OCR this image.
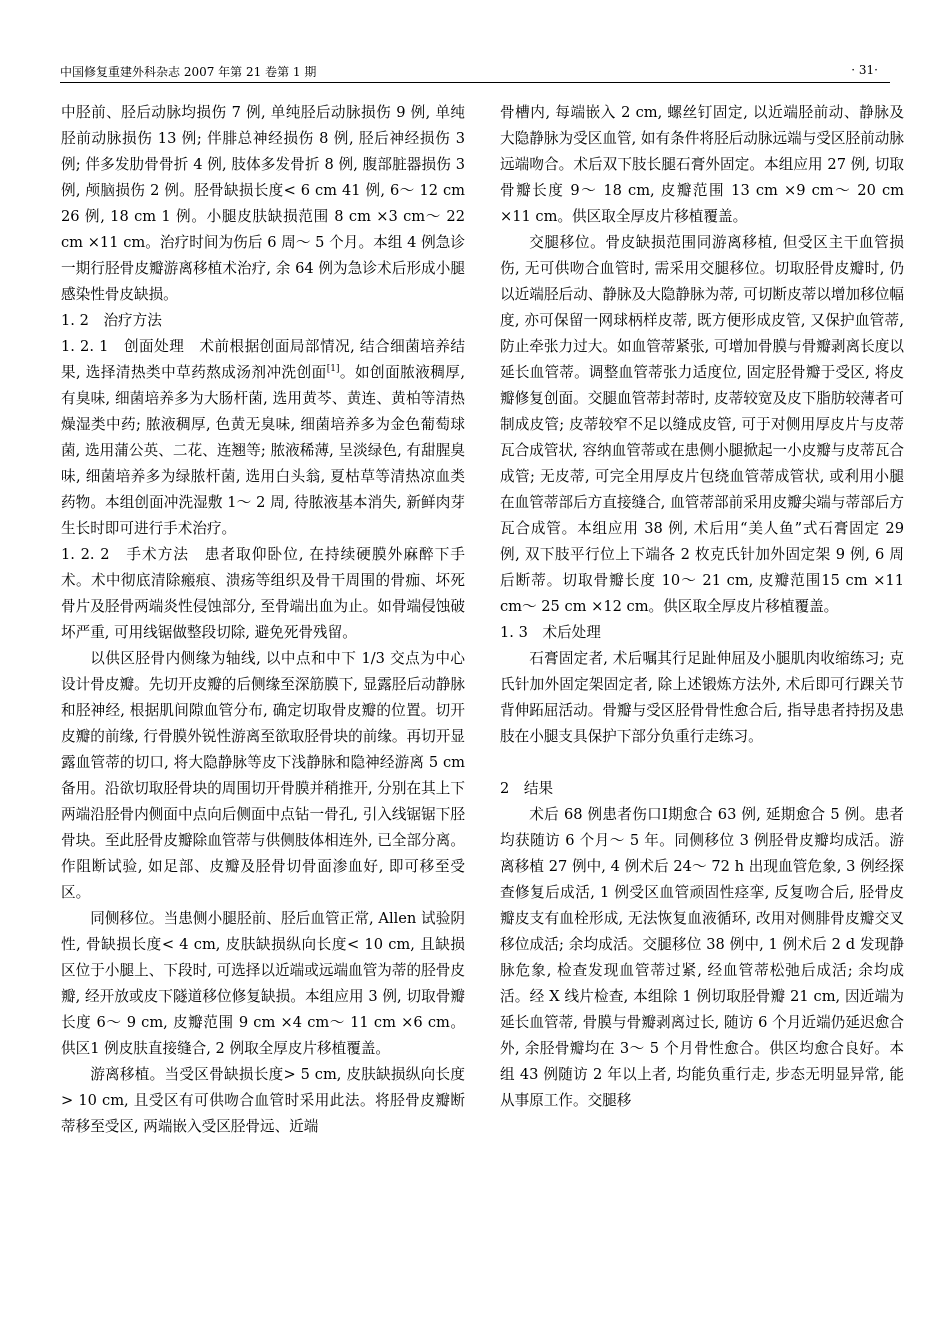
中国修复重建外科杂志 2007 年第 21 卷第 1 期	· 31·

中胫前、胫后动脉均损伤 7 例, 单纯胫后动脉损伤 9 例, 单纯胫前动脉损伤 13 例; 伴腓总神经损伤 8 例, 胫后神经损伤 3 例; 伴多发肋骨骨折 4 例, 肢体多发骨折 8 例, 腹部脏器损伤 3 例, 颅脑损伤 2 例。胫骨缺损长度< 6 cm 41 例, 6～ 12 cm 26 例, 18 cm 1 例。小腿皮肤缺损范围 8 cm ×3 cm～ 22 cm ×11 cm。治疗时间为伤后 6 周～ 5 个月。本组 4 例急诊一期行胫骨皮瓣游离移植术治疗, 余 64 例为急诊术后形成小腿感染性骨皮缺损。

1. 2　治疗方法

1. 2. 1　创面处理　术前根据创面局部情况, 结合细菌培养结果, 选择清热类中草药熬成汤剂冲洗创面[1]。如创面脓液稠厚, 有臭味, 细菌培养多为大肠杆菌, 选用黄芩、黄连、黄柏等清热燥湿类中药; 脓液稠厚, 色黄无臭味, 细菌培养多为金色葡萄球菌, 选用蒲公英、二花、连翘等; 脓液稀薄, 呈淡绿色, 有甜腥臭味, 细菌培养多为绿脓杆菌, 选用白头翁, 夏枯草等清热凉血类药物。本组创面冲洗湿敷 1～ 2 周, 待脓液基本消失, 新鲜肉芽生长时即可进行手术治疗。

1. 2. 2　手术方法　患者取仰卧位, 在持续硬膜外麻醉下手术。术中彻底清除瘢痕、溃疡等组织及骨干周围的骨痂、坏死骨片及胫骨两端炎性侵蚀部分, 至骨端出血为止。如骨端侵蚀破坏严重, 可用线锯做整段切除, 避免死骨残留。

以供区胫骨内侧缘为轴线, 以中点和中下 1/3 交点为中心设计骨皮瓣。先切开皮瓣的后侧缘至深筋膜下, 显露胫后动静脉和胫神经, 根据肌间隙血管分布, 确定切取骨皮瓣的位置。切开皮瓣的前缘, 行骨膜外锐性游离至欲取胫骨块的前缘。再切开显露血管蒂的切口, 将大隐静脉等皮下浅静脉和隐神经游离 5 cm 备用。沿欲切取胫骨块的周围切开骨膜并稍推开, 分别在其上下两端沿胫骨内侧面中点向后侧面中点钻一骨孔, 引入线锯锯下胫骨块。至此胫骨皮瓣除血管蒂与供侧肢体相连外, 已全部分离。作阻断试验, 如足部、皮瓣及胫骨切骨面渗血好, 即可移至受区。

同侧移位。当患侧小腿胫前、胫后血管正常, Allen 试验阴性, 骨缺损长度< 4 cm, 皮肤缺损纵向长度< 10 cm, 且缺损区位于小腿上、下段时, 可选择以近端或远端血管为蒂的胫骨皮瓣, 经开放或皮下隧道移位修复缺损。本组应用 3 例, 切取骨瓣长度 6～ 9 cm, 皮瓣范围 9 cm ×4 cm～ 11 cm ×6 cm。供区1 例皮肤直接缝合, 2 例取全厚皮片移植覆盖。

游离移植。当受区骨缺损长度> 5 cm, 皮肤缺损纵向长度> 10 cm, 且受区有可供吻合血管时采用此法。将胫骨皮瓣断蒂移至受区, 两端嵌入受区胫骨远、近端

骨槽内, 每端嵌入 2 cm, 螺丝钉固定, 以近端胫前动、静脉及大隐静脉为受区血管, 如有条件将胫后动脉远端与受区胫前动脉远端吻合。术后双下肢长腿石膏外固定。本组应用 27 例, 切取骨瓣长度 9～ 18 cm, 皮瓣范围 13 cm ×9 cm～ 20 cm ×11 cm。供区取全厚皮片移植覆盖。

交腿移位。骨皮缺损范围同游离移植, 但受区主干血管损伤, 无可供吻合血管时, 需采用交腿移位。切取胫骨皮瓣时, 仍以近端胫后动、静脉及大隐静脉为蒂, 可切断皮蒂以增加移位幅度, 亦可保留一网球柄样皮蒂, 既方便形成皮管, 又保护血管蒂, 防止牵张力过大。如血管蒂紧张, 可增加骨膜与骨瓣剥离长度以延长血管蒂。调整血管蒂张力适度位, 固定胫骨瓣于受区, 将皮瓣修复创面。交腿血管蒂封蒂时, 皮蒂较宽及皮下脂肪较薄者可制成皮管; 皮蒂较窄不足以缝成皮管, 可于对侧用厚皮片与皮蒂瓦合成管状, 容纳血管蒂或在患侧小腿掀起一小皮瓣与皮蒂瓦合成管; 无皮蒂, 可完全用厚皮片包绕血管蒂成管状, 或利用小腿在血管蒂部后方直接缝合, 血管蒂部前采用皮瓣尖端与蒂部后方瓦合成管。本组应用 38 例, 术后用“美人鱼”式石膏固定 29 例, 双下肢平行位上下端各 2 枚克氏针加外固定架 9 例, 6 周后断蒂。切取骨瓣长度 10～ 21 cm, 皮瓣范围15 cm ×11 cm～ 25 cm ×12 cm。供区取全厚皮片移植覆盖。

1. 3　术后处理

石膏固定者, 术后嘱其行足趾伸屈及小腿肌肉收缩练习; 克氏针加外固定架固定者, 除上述锻炼方法外, 术后即可行踝关节背伸跖屈活动。骨瓣与受区胫骨骨性愈合后, 指导患者持拐及患肢在小腿支具保护下部分负重行走练习。

2　结果

术后 68 例患者伤口Ⅰ期愈合 63 例, 延期愈合 5 例。患者均获随访 6 个月～ 5 年。同侧移位 3 例胫骨皮瓣均成活。游离移植 27 例中, 4 例术后 24～ 72 h 出现血管危象, 3 例经探查修复后成活, 1 例受区血管顽固性痉挛, 反复吻合后, 胫骨皮瓣皮支有血栓形成, 无法恢复血液循环, 改用对侧腓骨皮瓣交叉移位成活; 余均成活。交腿移位 38 例中, 1 例术后 2 d 发现静脉危象, 检查发现血管蒂过紧, 经血管蒂松弛后成活; 余均成活。经 X 线片检查, 本组除 1 例切取胫骨瓣 21 cm, 因近端为延长血管蒂, 骨膜与骨瓣剥离过长, 随访 6 个月近端仍延迟愈合外, 余胫骨瓣均在 3～ 5 个月骨性愈合。供区均愈合良好。本组 43 例随访 2 年以上者, 均能负重行走, 步态无明显异常, 能从事原工作。交腿移
